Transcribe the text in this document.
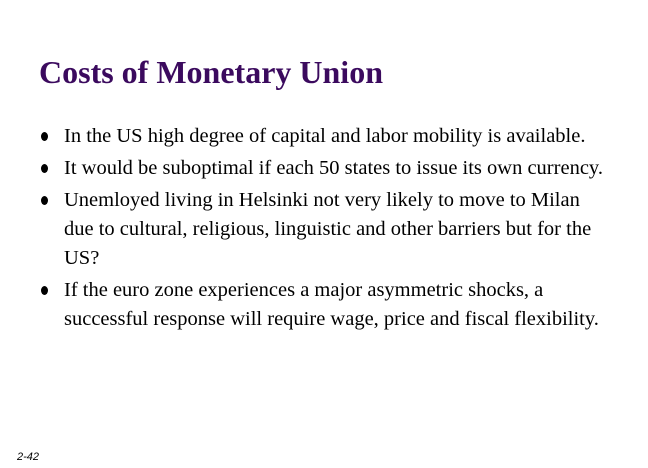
Costs of Monetary Union
In the US high degree of capital and labor mobility is available.
It would be suboptimal if each 50 states to issue its own currency.
Unemloyed living in Helsinki not very likely to move to Milan due to cultural, religious, linguistic and other barriers but for the US?
If the euro zone experiences a major asymmetric shocks, a successful response will require wage, price and fiscal flexibility.
2-42
